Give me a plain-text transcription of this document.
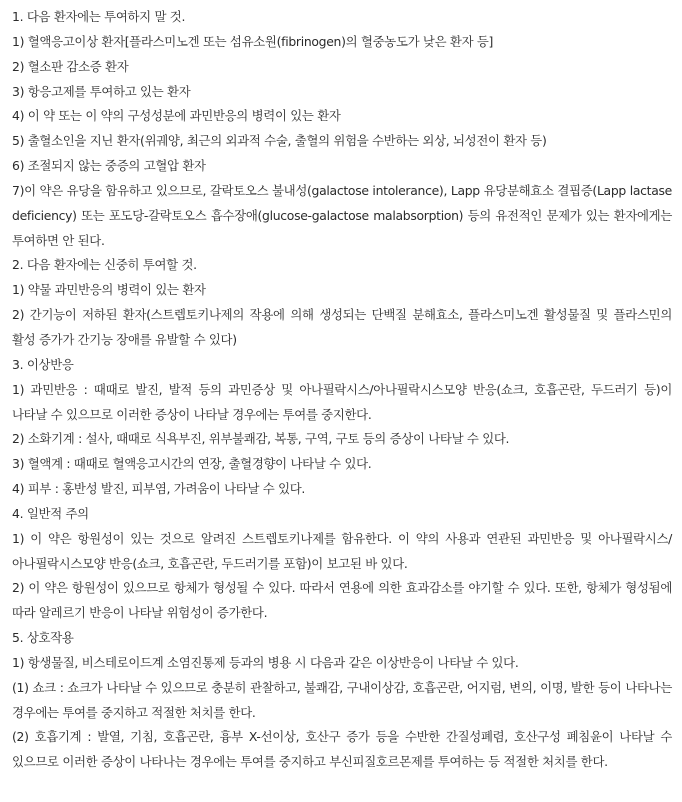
1. 다음 환자에는 투여하지 말 것.

1) 혈액응고이상 환자[플라스미노겐 또는 섬유소원(fibrinogen)의 혈중농도가 낮은 환자 등]

2) 혈소판 감소증 환자

3) 항응고제를 투여하고 있는 환자

4) 이 약 또는 이 약의 구성성분에 과민반응의 병력이 있는 환자

5) 출혈소인을 지닌 환자(위궤양, 최근의 외과적 수술, 출혈의 위험을 수반하는 외상, 뇌성전이 환자 등)

6) 조절되지 않는 중증의 고혈압 환자

7)이 약은 유당을 함유하고 있으므로, 갈락토오스 불내성(galactose intolerance), Lapp 유당분해효소 결핍증(Lapp lactase deficiency) 또는 포도당-갈락토오스 흡수장애(glucose-galactose malabsorption) 등의 유전적인 문제가 있는 환자에게는 투여하면 안 된다.

2. 다음 환자에는 신중히 투여할 것.

1) 약물 과민반응의 병력이 있는 환자

2) 간기능이 저하된 환자(스트렙토키나제의 작용에 의해 생성되는 단백질 분해효소, 플라스미노겐 활성물질 및 플라스민의 활성 증가가 간기능 장애를 유발할 수 있다)

3. 이상반응

1) 과민반응 : 때때로 발진, 발적 등의 과민증상 및 아나필락시스/아나필락시스모양 반응(쇼크, 호흡곤란, 두드러기 등)이 나타날 수 있으므로 이러한 증상이 나타날 경우에는 투여를 중지한다.

2) 소화기계 : 설사, 때때로 식욕부진, 위부불쾌감, 복통, 구역, 구토 등의 증상이 나타날 수 있다.

3) 혈액계 : 때때로 혈액응고시간의 연장, 출혈경향이 나타날 수 있다.

4) 피부 : 홍반성 발진, 피부염, 가려움이 나타날 수 있다.

4. 일반적 주의

1) 이 약은 항원성이 있는 것으로 알려진 스트렙토키나제를 함유한다. 이 약의 사용과 연관된 과민반응 및 아나필락시스/아나필락시스모양 반응(쇼크, 호흡곤란, 두드러기를 포함)이 보고된 바 있다.

2) 이 약은 항원성이 있으므로 항체가 형성될 수 있다. 따라서 연용에 의한 효과감소를 야기할 수 있다. 또한, 항체가 형성됨에 따라 알레르기 반응이 나타날 위험성이 증가한다.

5. 상호작용

1) 항생물질, 비스테로이드계 소염진통제 등과의 병용 시 다음과 같은 이상반응이 나타날 수 있다.

(1) 쇼크 : 쇼크가 나타날 수 있으므로 충분히 관찰하고, 불쾌감, 구내이상감, 호흡곤란, 어지럼, 변의, 이명, 발한 등이 나타나는 경우에는 투여를 중지하고 적절한 처치를 한다.

(2) 호흡기계 : 발열, 기침, 호흡곤란, 흉부 X-선이상, 호산구 증가 등을 수반한 간질성폐렴, 호산구성 폐침윤이 나타날 수 있으므로 이러한 증상이 나타나는 경우에는 투여를 중지하고 부신피질호르몬제를 투여하는 등 적절한 처치를 한다.
